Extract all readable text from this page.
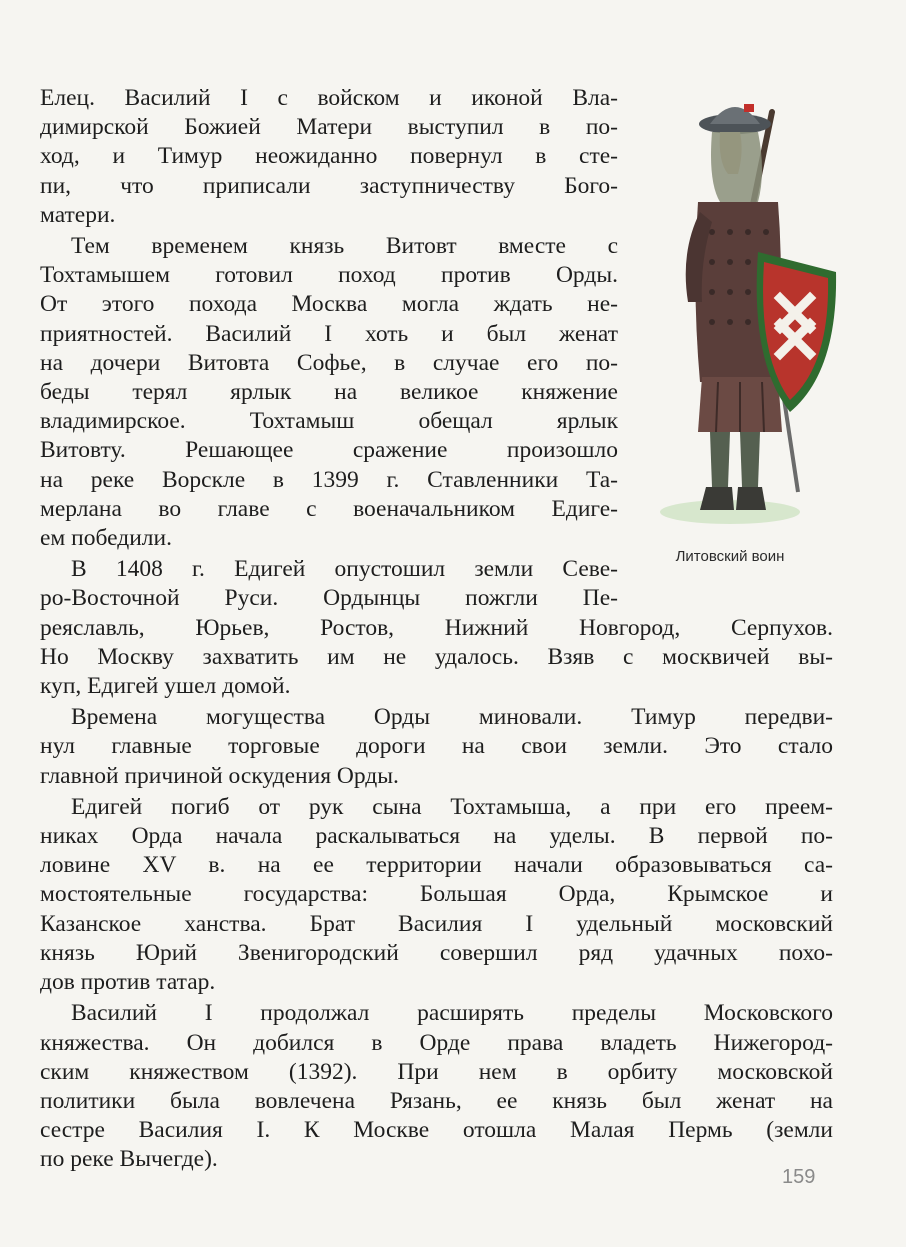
Елец. Василий I с войском и иконой Вла-
димирской Божией Матери выступил в по-
ход, и Тимур неожиданно повернул в сте-
пи, что приписали заступничеству Бого-
матери.
Тем временем князь Витовт вместе с
Тохтамышем готовил поход против Орды.
От этого похода Москва могла ждать не-
приятностей. Василий I хоть и был женат
на дочери Витовта Софье, в случае его по-
беды терял ярлык на великое княжение
владимирское. Тохтамыш обещал ярлык
Витовту. Решающее сражение произошло
на реке Ворскле в 1399 г. Ставленники Та-
мерлана во главе с военачальником Едиге-
ем победили.
В 1408 г. Едигей опустошил земли Севе-
ро-Восточной Руси. Ордынцы пожгли Пе-
реяславль, Юрьев, Ростов, Нижний Новгород, Серпухов.
Но Москву захватить им не удалось. Взяв с москвичей вы-
куп, Едигей ушел домой.
Времена могущества Орды миновали. Тимур передви-
нул главные торговые дороги на свои земли. Это стало
главной причиной оскудения Орды.
Едигей погиб от рук сына Тохтамыша, а при его преем-
никах Орда начала раскалываться на уделы. В первой по-
ловине XV в. на ее территории начали образовываться са-
мостоятельные государства: Большая Орда, Крымское и
Казанское ханства. Брат Василия I удельный московский
князь Юрий Звенигородский совершил ряд удачных похо-
дов против татар.
Василий I продолжал расширять пределы Московского
княжества. Он добился в Орде права владеть Нижегород-
ским княжеством (1392). При нем в орбиту московской
политики была вовлечена Рязань, ее князь был женат на
сестре Василия I. К Москве отошла Малая Пермь (земли
по реке Вычегде).
Литовский воин
159
